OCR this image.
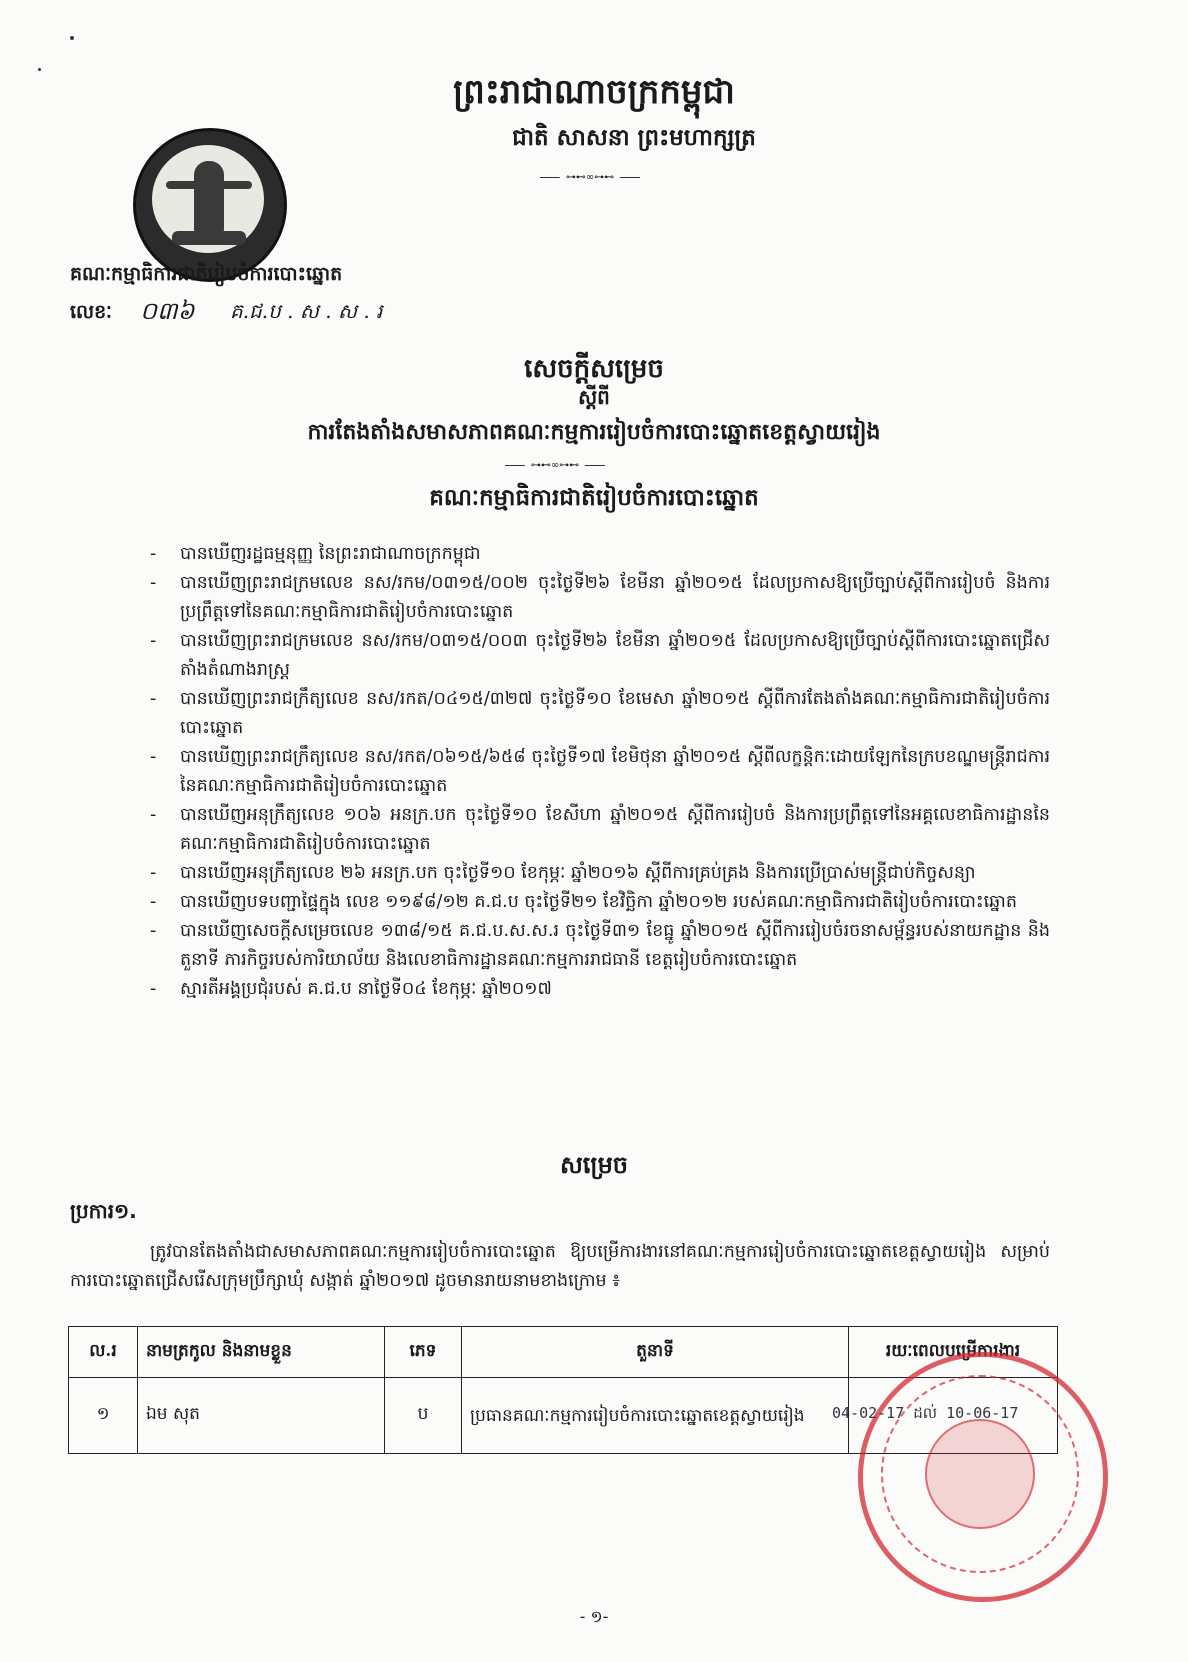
ព្រះរាជាណាចក្រកម្ពុជា
ជាតិ សាសនា ព្រះមហាក្សត្រ
⊶⊷∞⊶⊷
គណៈកម្មាធិការជាតិរៀបចំការបោះឆ្នោត
លេខៈ ០៣៦ គ.ជ.ប . ស . ស . រ
សេចក្តីសម្រេច
ស្តីពី
ការតែងតាំងសមាសភាពគណៈកម្មការរៀបចំការបោះឆ្នោតខេត្តស្វាយរៀង
⊶⊷∞⊶⊷
គណៈកម្មាធិការជាតិរៀបចំការបោះឆ្នោត
- បានឃើញរដ្ឋធម្មនុញ្ញ នៃព្រះរាជាណាចក្រកម្ពុជា
- បានឃើញព្រះរាជក្រមលេខ នស/រកម/០៣១៥/០០២ ចុះថ្ងៃទី២៦ ខែមីនា ឆ្នាំ២០១៥ ដែលប្រកាសឱ្យប្រើច្បាប់ស្តីពីការរៀបចំ និងការប្រព្រឹត្តទៅនៃគណៈកម្មាធិការជាតិរៀបចំការបោះឆ្នោត
- បានឃើញព្រះរាជក្រមលេខ នស/រកម/០៣១៥/០០៣ ចុះថ្ងៃទី២៦ ខែមីនា ឆ្នាំ២០១៥ ដែលប្រកាសឱ្យប្រើច្បាប់ស្តីពីការបោះឆ្នោតជ្រើសតាំងតំណាងរាស្ត្រ
- បានឃើញព្រះរាជក្រឹត្យលេខ នស/រកត/០៤១៥/៣២៧ ចុះថ្ងៃទី១០ ខែមេសា ឆ្នាំ២០១៥ ស្តីពីការតែងតាំងគណៈកម្មាធិការជាតិរៀបចំការបោះឆ្នោត
- បានឃើញព្រះរាជក្រឹត្យលេខ នស/រកត/០៦១៥/៦៥៨ ចុះថ្ងៃទី១៧ ខែមិថុនា ឆ្នាំ២០១៥ ស្តីពីលក្ខន្តិកៈដោយឡែកនៃក្របខណ្ឌមន្ត្រីរាជការនៃគណៈកម្មាធិការជាតិរៀបចំការបោះឆ្នោត
- បានឃើញអនុក្រឹត្យលេខ ១០៦ អនក្រ.បក ចុះថ្ងៃទី១០ ខែសីហា ឆ្នាំ២០១៥ ស្តីពីការរៀបចំ និងការប្រព្រឹត្តទៅនៃអគ្គលេខាធិការដ្ឋាននៃគណៈកម្មាធិការជាតិរៀបចំការបោះឆ្នោត
- បានឃើញអនុក្រឹត្យលេខ ២៦ អនក្រ.បក ចុះថ្ងៃទី១០ ខែកុម្ភៈ ឆ្នាំ២០១៦ ស្តីពីការគ្រប់គ្រង និងការប្រើប្រាស់មន្ត្រីជាប់កិច្ចសន្យា
- បានឃើញបទបញ្ជាផ្ទៃក្នុង លេខ ១១៩៨/១២ គ.ជ.ប ចុះថ្ងៃទី២១ ខែវិច្ឆិកា ឆ្នាំ២០១២ របស់គណៈកម្មាធិការជាតិរៀបចំការបោះឆ្នោត
- បានឃើញសេចក្តីសម្រេចលេខ ១៣៨/១៥ គ.ជ.ប.ស.ស.រ ចុះថ្ងៃទី៣១ ខែធ្នូ ឆ្នាំ២០១៥ ស្តីពីការរៀបចំរចនាសម្ព័ន្ធរបស់នាយកដ្ឋាន និងតួនាទី ភារកិច្ចរបស់ការិយាល័យ និងលេខាធិការដ្ឋានគណៈកម្មការរាជធានី ខេត្តរៀបចំការបោះឆ្នោត
- ស្មារតីអង្គប្រជុំរបស់ គ.ជ.ប នាថ្ងៃទី០៤ ខែកុម្ភៈ ឆ្នាំ២០១៧
សម្រេច
ប្រការ១.
ត្រូវបានតែងតាំងជាសមាសភាពគណៈកម្មការរៀបចំការបោះឆ្នោត ឱ្យបម្រើការងារនៅគណៈកម្មការរៀបចំការបោះឆ្នោតខេត្តស្វាយរៀង សម្រាប់ការបោះឆ្នោតជ្រើសរើសក្រុមប្រឹក្សាឃុំ សង្កាត់ ឆ្នាំ២០១៧ ដូចមានរាយនាមខាងក្រោម ៖
ល.រ	នាមត្រកូល និងនាមខ្លួន	ភេទ	តួនាទី	រយៈពេលបម្រើការងារ
១	ឯម សុត	ប	ប្រធានគណៈកម្មការរៀបចំការបោះឆ្នោតខេត្តស្វាយរៀង	04-02-17 ដល់ 10-06-17
- ១-
